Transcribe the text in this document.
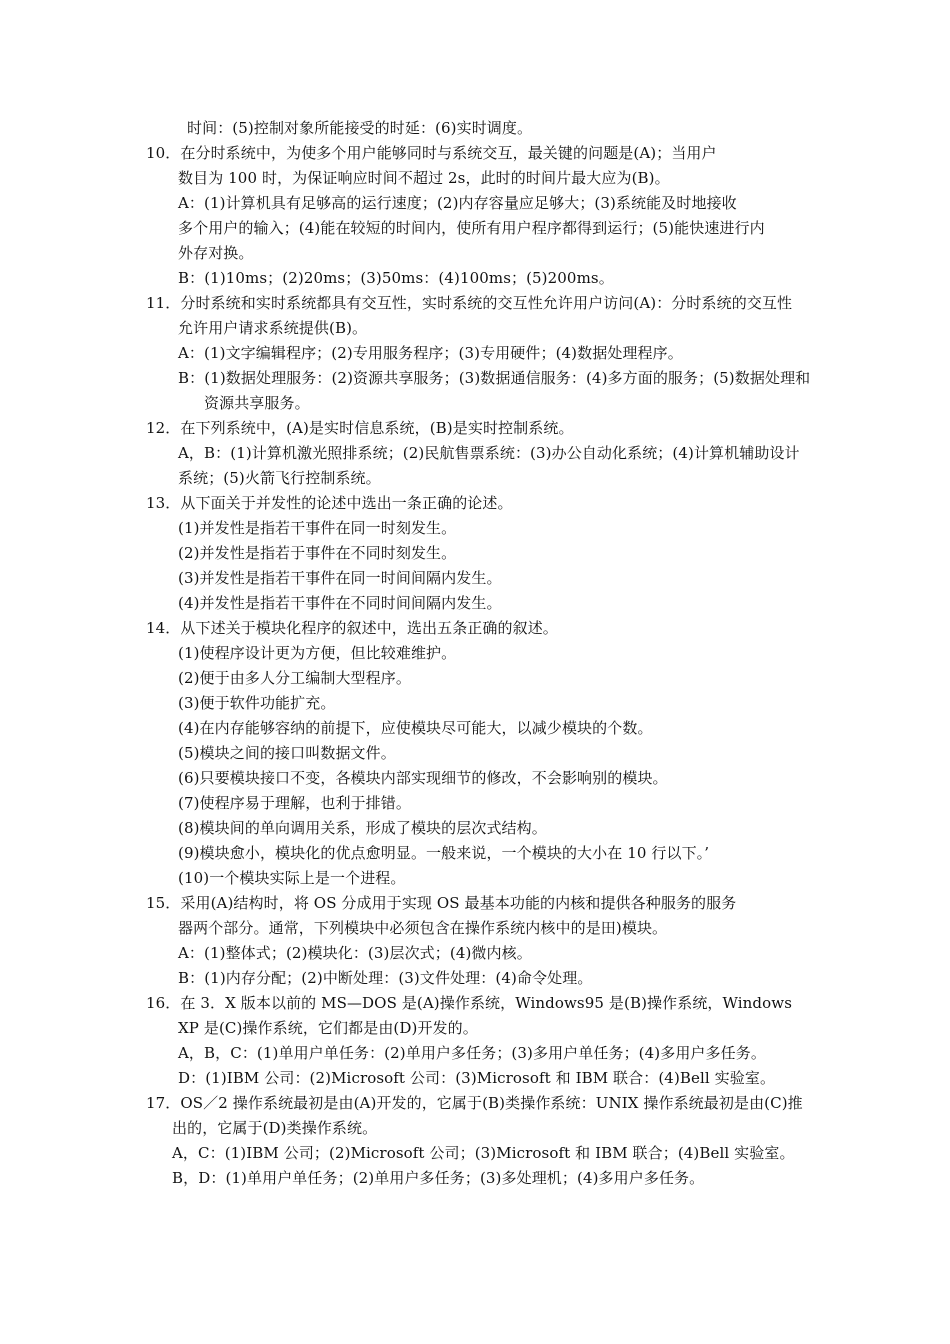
时间：(5)控制对象所能接受的时延：(6)实时调度。
10．在分时系统中，为使多个用户能够同时与系统交互，最关键的问题是(A)；当用户
数目为 100 时，为保证响应时间不超过 2s，此时的时间片最大应为(B)。
A：(1)计算机具有足够高的运行速度；(2)内存容量应足够大；(3)系统能及时地接收
多个用户的输入；(4)能在较短的时间内，使所有用户程序都得到运行；(5)能快速进行内
外存对换。
B：(1)10ms；(2)20ms；(3)50ms：(4)100ms；(5)200ms。
11．分时系统和实时系统都具有交互性，实时系统的交互性允许用户访问(A)：分时系统的交互性
允许用户请求系统提供(B)。
A：(1)文字编辑程序；(2)专用服务程序；(3)专用硬件；(4)数据处理程序。
B：(1)数据处理服务：(2)资源共享服务；(3)数据通信服务：(4)多方面的服务；(5)数据处理和
资源共享服务。
12．在下列系统中，(A)是实时信息系统，(B)是实时控制系统。
A，B：(1)计算机激光照排系统；(2)民航售票系统：(3)办公自动化系统；(4)计算机辅助设计
系统；(5)火箭飞行控制系统。
13．从下面关于并发性的论述中选出一条正确的论述。
(1)并发性是指若干事件在同一时刻发生。
(2)并发性是指若于事件在不同时刻发生。
(3)并发性是指若干事件在同一时间间隔内发生。
(4)并发性是指若干事件在不同时间间隔内发生。
14．从下述关于模块化程序的叙述中，选出五条正确的叙述。
(1)使程序设计更为方便，但比较难维护。
(2)便于由多人分工编制大型程序。
(3)便于软件功能扩充。
(4)在内存能够容纳的前提下，应使模块尽可能大，以减少模块的个数。
(5)模块之间的接口叫数据文件。
(6)只要模块接口不变，各模块内部实现细节的修改，不会影响别的模块。
(7)使程序易于理解，也利于排错。
(8)模块间的单向调用关系，形成了模块的层次式结构。
(9)模块愈小，模块化的优点愈明显。一般来说，一个模块的大小在 10 行以下。’
(10)一个模块实际上是一个进程。
15．采用(A)结构时，将 OS 分成用于实现 OS 最基本功能的内核和提供各种服务的服务
器两个部分。通常，下列模块中必须包含在操作系统内核中的是田)模块。
A：(1)整体式；(2)模块化：(3)层次式；(4)微内核。
B：(1)内存分配；(2)中断处理：(3)文件处理：(4)命令处理。
16．在 3．X 版本以前的 MS—DOS 是(A)操作系统，Windows95 是(B)操作系统，Windows
XP 是(C)操作系统，它们都是由(D)开发的。
A，B，C：(1)单用户单任务：(2)单用户多任务；(3)多用户单任务；(4)多用户多任务。
D：(1)IBM 公司：(2)Microsoft 公司：(3)Microsoft 和 IBM 联合：(4)Bell 实验室。
17．OS／2 操作系统最初是由(A)开发的，它属于(B)类操作系统：UNIX 操作系统最初是由(C)推
出的，它属于(D)类操作系统。
A，C：(1)IBM 公司；(2)Microsoft 公司；(3)Microsoft 和 IBM 联合；(4)Bell 实验室。
B，D：(1)单用户单任务；(2)单用户多任务；(3)多处理机；(4)多用户多任务。
